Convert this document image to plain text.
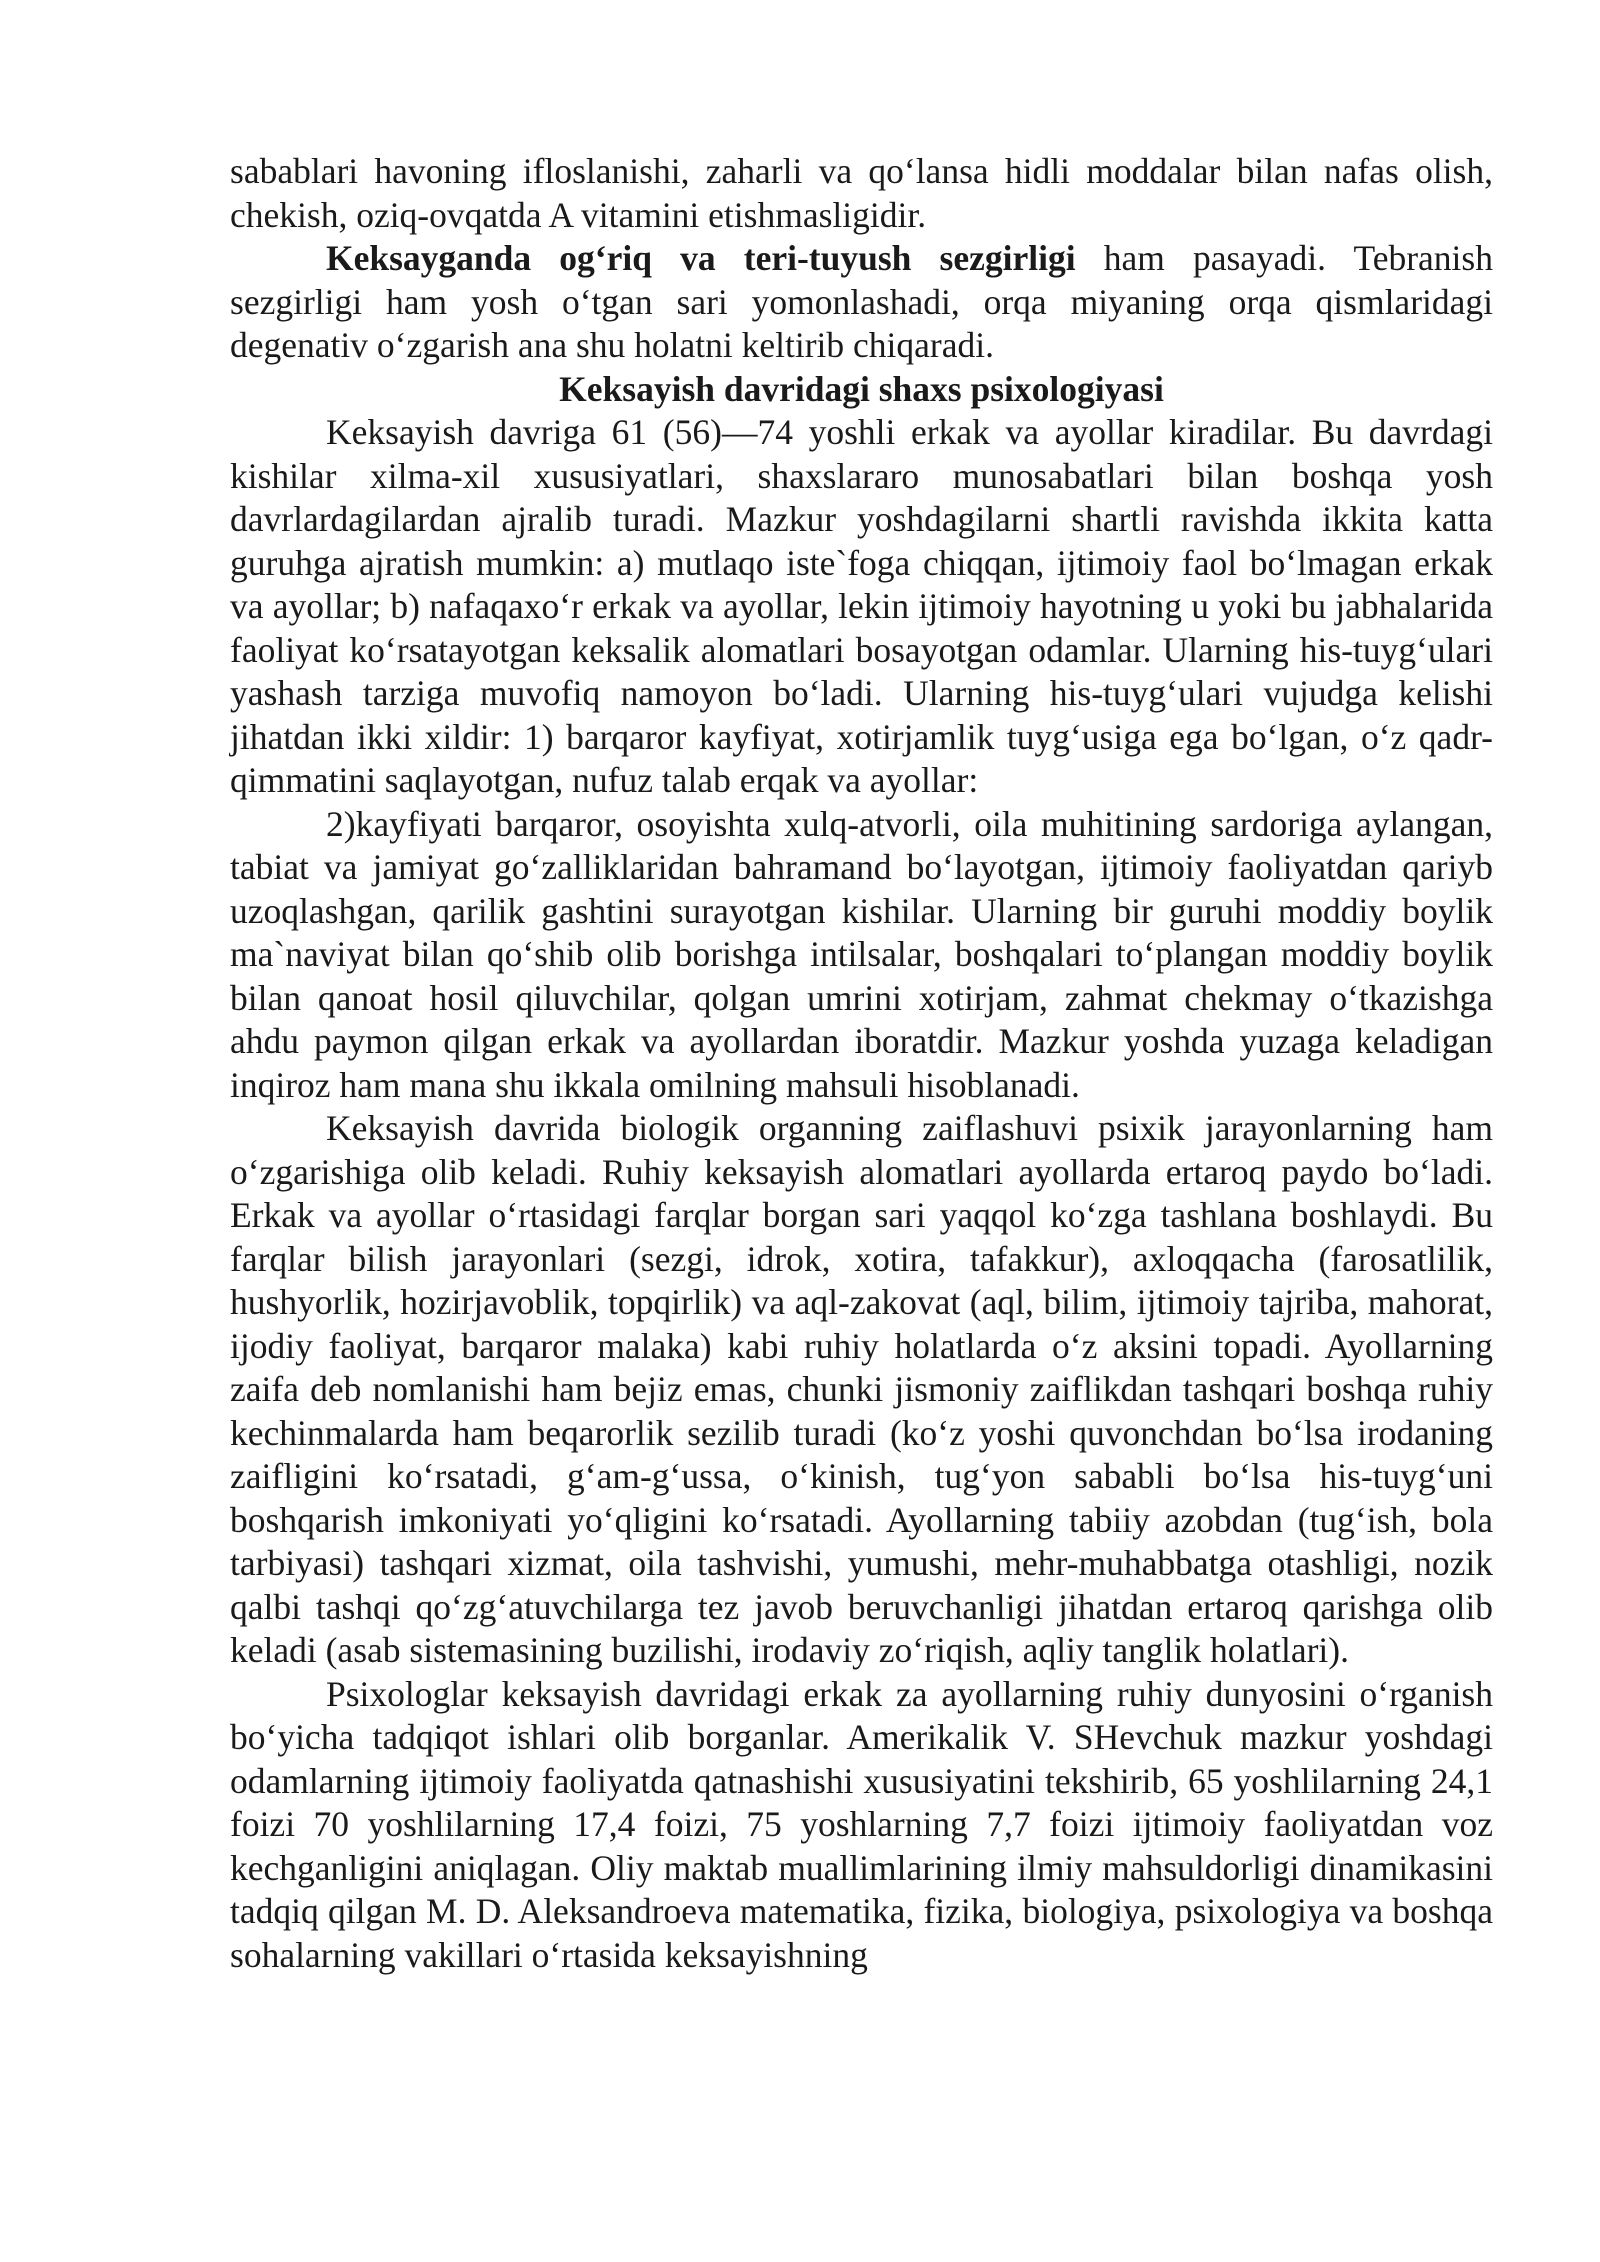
sabablari havoning ifloslanishi, zaharli va qo‘lansa hidli moddalar bilan nafas olish, chekish, oziq-ovqatda A vitamini etishmasligidir.

Keksayganda og‘riq va teri-tuyush sezgirligi ham pasayadi. Tebranish sezgirligi ham yosh o‘tgan sari yomonlashadi, orqa miyaning orqa qismlaridagi degenativ o‘zgarish ana shu holatni keltirib chiqaradi.

Keksayish davridagi shaxs psixologiyasi

Keksayish davriga 61 (56)—74 yoshli erkak va ayollar kiradilar. Bu davrdagi kishilar xilma-xil xususiyatlari, shaxslararo munosabatlari bilan boshqa yosh davrlardagilardan ajralib turadi. Mazkur yoshdagilarni shartli ravishda ikkita katta guruhga ajratish mumkin: a) mutlaqo iste`foga chiqqan, ijtimoiy faol bo‘lmagan erkak va ayollar; b) nafaqaxo‘r erkak va ayollar, lekin ijtimoiy hayotning u yoki bu jabhalarida faoliyat ko‘rsatayotgan keksalik alomatlari bosayotgan odamlar. Ularning his-tuyg‘ulari yashash tarziga muvofiq namoyon bo‘ladi. Ularning his-tuyg‘ulari vujudga kelishi jihatdan ikki xildir: 1) barqaror kayfiyat, xotirjamlik tuyg‘usiga ega bo‘lgan, o‘z qadr-qimmatini saqlayotgan, nufuz talab erqak va ayollar:

2)kayfiyati barqaror, osoyishta xulq-atvorli, oila muhitining sardoriga aylangan, tabiat va jamiyat go‘zalliklaridan bahramand bo‘layotgan, ijtimoiy faoliyatdan qariyb uzoqlashgan, qarilik gashtini surayotgan kishilar. Ularning bir guruhi moddiy boylik ma`naviyat bilan qo‘shib olib borishga intilsalar, boshqalari to‘plangan moddiy boylik bilan qanoat hosil qiluvchilar, qolgan umrini xotirjam, zahmat chekmay o‘tkazishga ahdu paymon qilgan erkak va ayollardan iboratdir. Mazkur yoshda yuzaga keladigan inqiroz ham mana shu ikkala omilning mahsuli hisoblanadi.

Keksayish davrida biologik organning zaiflashuvi psixik jarayonlarning ham o‘zgarishiga olib keladi. Ruhiy keksayish alomatlari ayollarda ertaroq paydo bo‘ladi. Erkak va ayollar o‘rtasidagi farqlar borgan sari yaqqol ko‘zga tashlana boshlaydi. Bu farqlar bilish jarayonlari (sezgi, idrok, xotira, tafakkur), axloqqacha (farosatlilik, hushyorlik, hozirjavoblik, topqirlik) va aql-zakovat (aql, bilim, ijtimoiy tajriba, mahorat, ijodiy faoliyat, barqaror malaka) kabi ruhiy holatlarda o‘z aksini topadi. Ayollarning zaifa deb nomlanishi ham bejiz emas, chunki jismoniy zaiflikdan tashqari boshqa ruhiy kechinmalarda ham beqarorlik sezilib turadi (ko‘z yoshi quvonchdan bo‘lsa irodaning zaifligini ko‘rsatadi, g‘am-g‘ussa, o‘kinish, tug‘yon sababli bo‘lsa his-tuyg‘uni boshqarish imkoniyati yo‘qligini ko‘rsatadi. Ayollarning tabiiy azobdan (tug‘ish, bola tarbiyasi) tashqari xizmat, oila tashvishi, yumushi, mehr-muhabbatga otashligi, nozik qalbi tashqi qo‘zg‘atuvchilarga tez javob beruvchanligi jihatdan ertaroq qarishga olib keladi (asab sistemasining buzilishi, irodaviy zo‘riqish, aqliy tanglik holatlari).

Psixologlar keksayish davridagi erkak za ayollarning ruhiy dunyosini o‘rganish bo‘yicha tadqiqot ishlari olib borganlar. Amerikalik V. SHevchuk mazkur yoshdagi odamlarning ijtimoiy faoliyatda qatnashishi xususiyatini tekshirib, 65 yoshlilarning 24,1 foizi 70 yoshlilarning 17,4 foizi, 75 yoshlarning 7,7 foizi ijtimoiy faoliyatdan voz kechganligini aniqlagan. Oliy maktab muallimlarining ilmiy mahsuldorligi dinamikasini tadqiq qilgan M. D. Aleksandroeva matematika, fizika, biologiya, psixologiya va boshqa sohalarning vakillari o‘rtasida keksayishning
